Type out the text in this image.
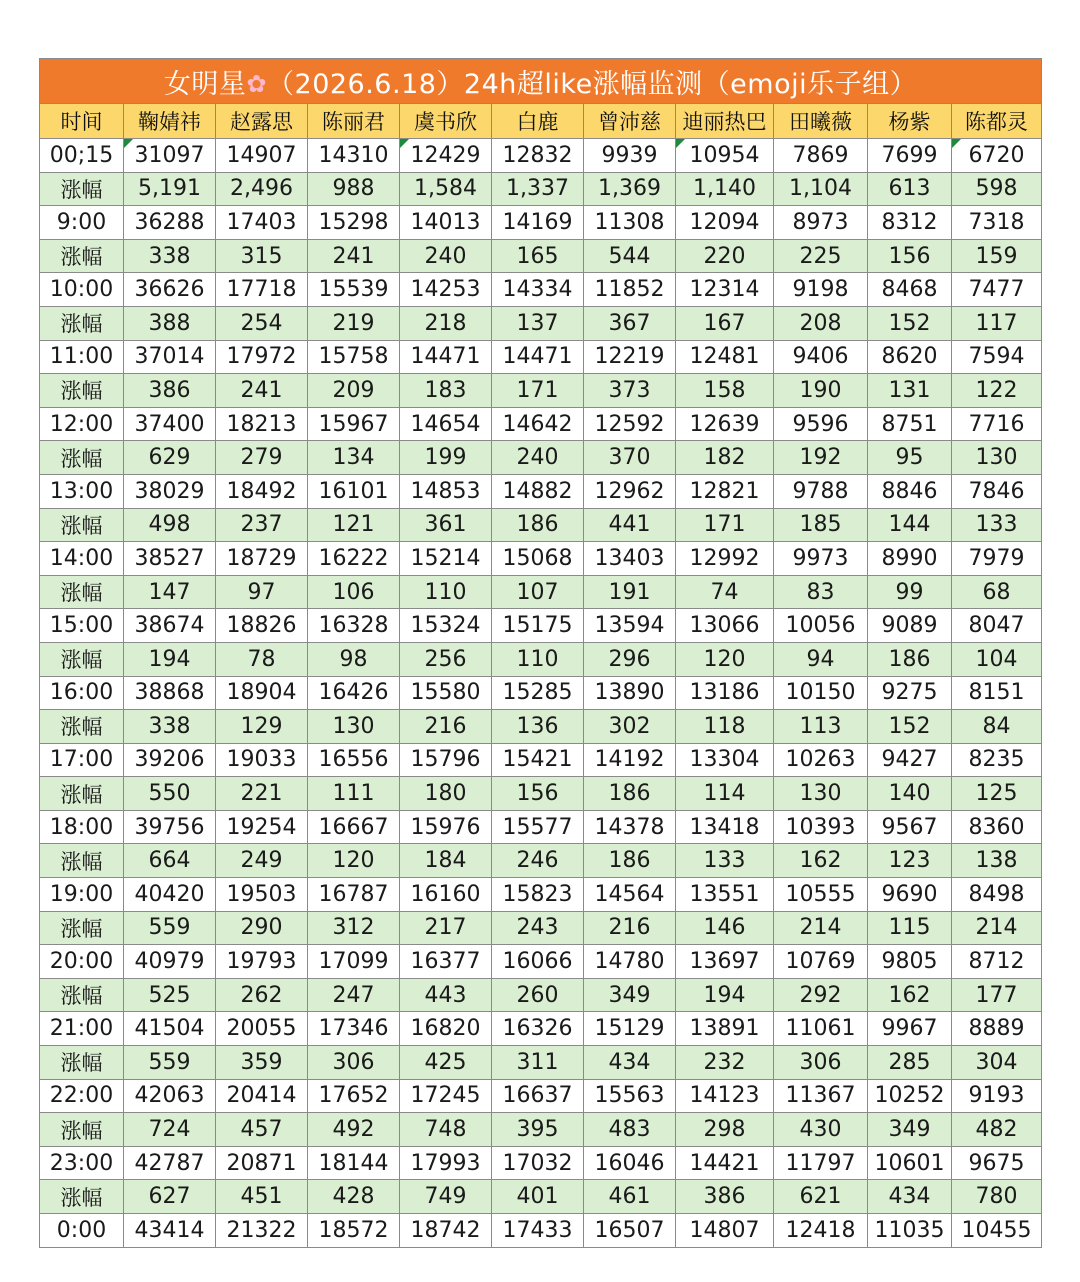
女明星✿（2026.6.18）24h超like涨幅监测（emoji乐子组）										
时间	鞠婧祎	赵露思	陈丽君	虞书欣	白鹿	曾沛慈	迪丽热巴	田曦薇	杨紫	陈都灵
00;15	31097	14907	14310	12429	12832	9939	10954	7869	7699	6720
涨幅	5,191	2,496	988	1,584	1,337	1,369	1,140	1,104	613	598
9:00	36288	17403	15298	14013	14169	11308	12094	8973	8312	7318
涨幅	338	315	241	240	165	544	220	225	156	159
10:00	36626	17718	15539	14253	14334	11852	12314	9198	8468	7477
涨幅	388	254	219	218	137	367	167	208	152	117
11:00	37014	17972	15758	14471	14471	12219	12481	9406	8620	7594
涨幅	386	241	209	183	171	373	158	190	131	122
12:00	37400	18213	15967	14654	14642	12592	12639	9596	8751	7716
涨幅	629	279	134	199	240	370	182	192	95	130
13:00	38029	18492	16101	14853	14882	12962	12821	9788	8846	7846
涨幅	498	237	121	361	186	441	171	185	144	133
14:00	38527	18729	16222	15214	15068	13403	12992	9973	8990	7979
涨幅	147	97	106	110	107	191	74	83	99	68
15:00	38674	18826	16328	15324	15175	13594	13066	10056	9089	8047
涨幅	194	78	98	256	110	296	120	94	186	104
16:00	38868	18904	16426	15580	15285	13890	13186	10150	9275	8151
涨幅	338	129	130	216	136	302	118	113	152	84
17:00	39206	19033	16556	15796	15421	14192	13304	10263	9427	8235
涨幅	550	221	111	180	156	186	114	130	140	125
18:00	39756	19254	16667	15976	15577	14378	13418	10393	9567	8360
涨幅	664	249	120	184	246	186	133	162	123	138
19:00	40420	19503	16787	16160	15823	14564	13551	10555	9690	8498
涨幅	559	290	312	217	243	216	146	214	115	214
20:00	40979	19793	17099	16377	16066	14780	13697	10769	9805	8712
涨幅	525	262	247	443	260	349	194	292	162	177
21:00	41504	20055	17346	16820	16326	15129	13891	11061	9967	8889
涨幅	559	359	306	425	311	434	232	306	285	304
22:00	42063	20414	17652	17245	16637	15563	14123	11367	10252	9193
涨幅	724	457	492	748	395	483	298	430	349	482
23:00	42787	20871	18144	17993	17032	16046	14421	11797	10601	9675
涨幅	627	451	428	749	401	461	386	621	434	780
0:00	43414	21322	18572	18742	17433	16507	14807	12418	11035	10455
